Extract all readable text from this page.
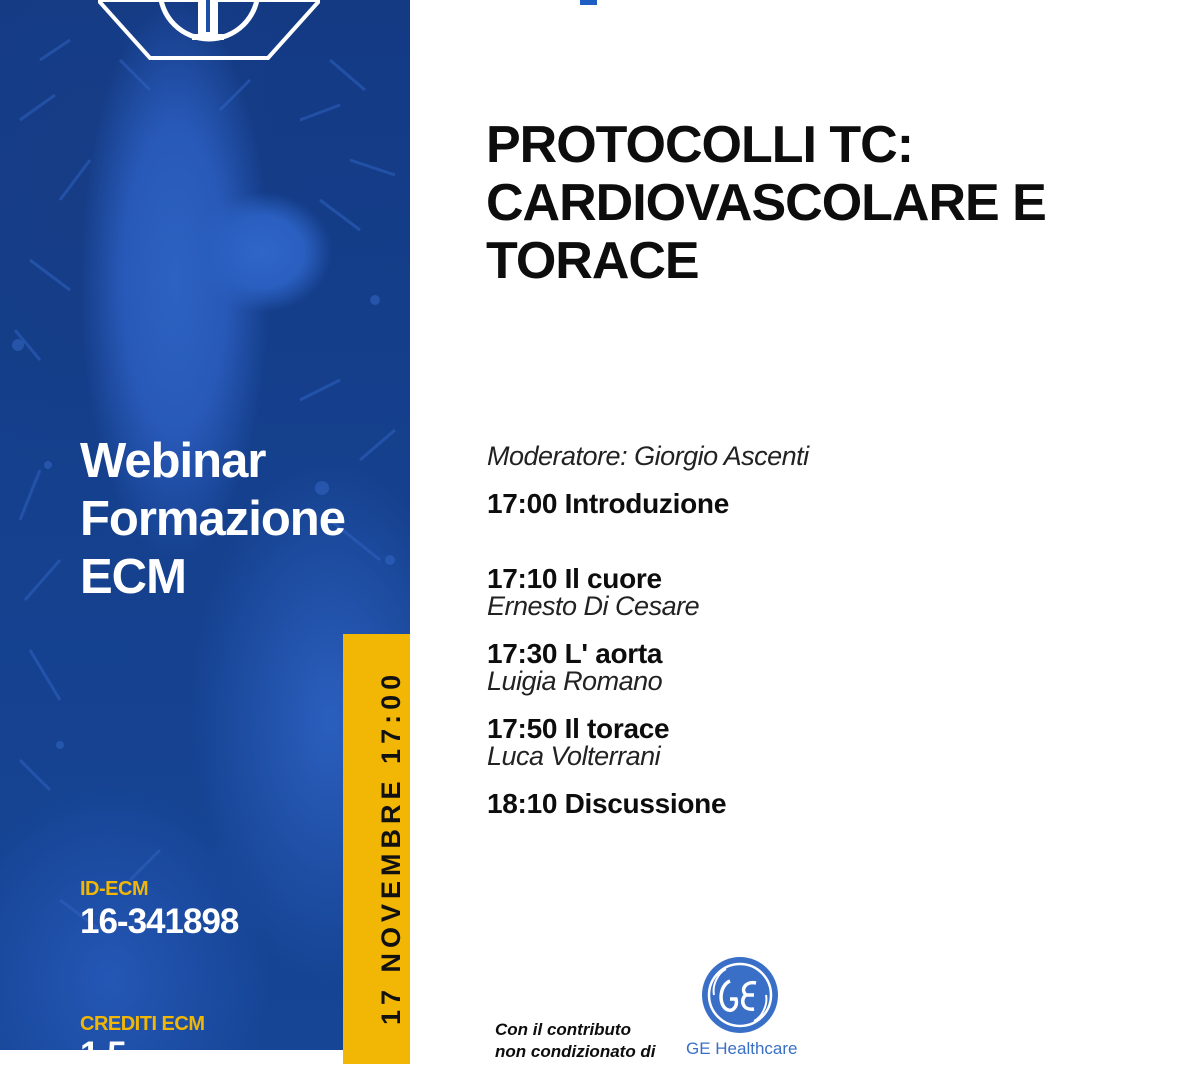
Webinar
Formazione
ECM
ID-ECM
16-341898
CREDITI ECM
1,5
17 NOVEMBRE 17:00
PROTOCOLLI TC:
CARDIOVASCOLARE E
TORACE
Moderatore: Giorgio Ascenti
17:00 Introduzione
17:10 Il cuore
Ernesto Di Cesare
17:30 L' aorta
Luigia Romano
17:50 Il torace
Luca Volterrani
18:10 Discussione

Con il contributo
non condizionato di GE Healthcare
